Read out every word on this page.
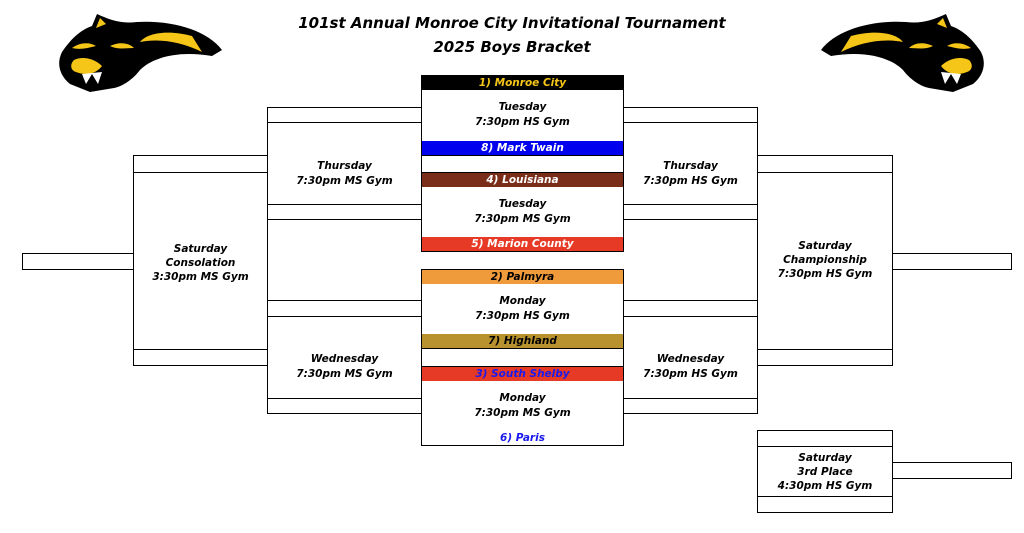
101st Annual Monroe City Invitational Tournament
2025 Boys Bracket
1) Monroe City
8) Mark Twain
4) Louisiana
5) Marion County
2) Palmyra
7) Highland
3) South Shelby
6) Paris
Tuesday
7:30pm HS Gym
Tuesday
7:30pm MS Gym
Monday
7:30pm HS Gym
Monday
7:30pm MS Gym
Thursday
7:30pm MS Gym
Wednesday
7:30pm MS Gym
Saturday
Consolation
3:30pm MS Gym
Thursday
7:30pm HS Gym
Wednesday
7:30pm HS Gym
Saturday
Championship
7:30pm HS Gym
Saturday
3rd Place
4:30pm HS Gym
